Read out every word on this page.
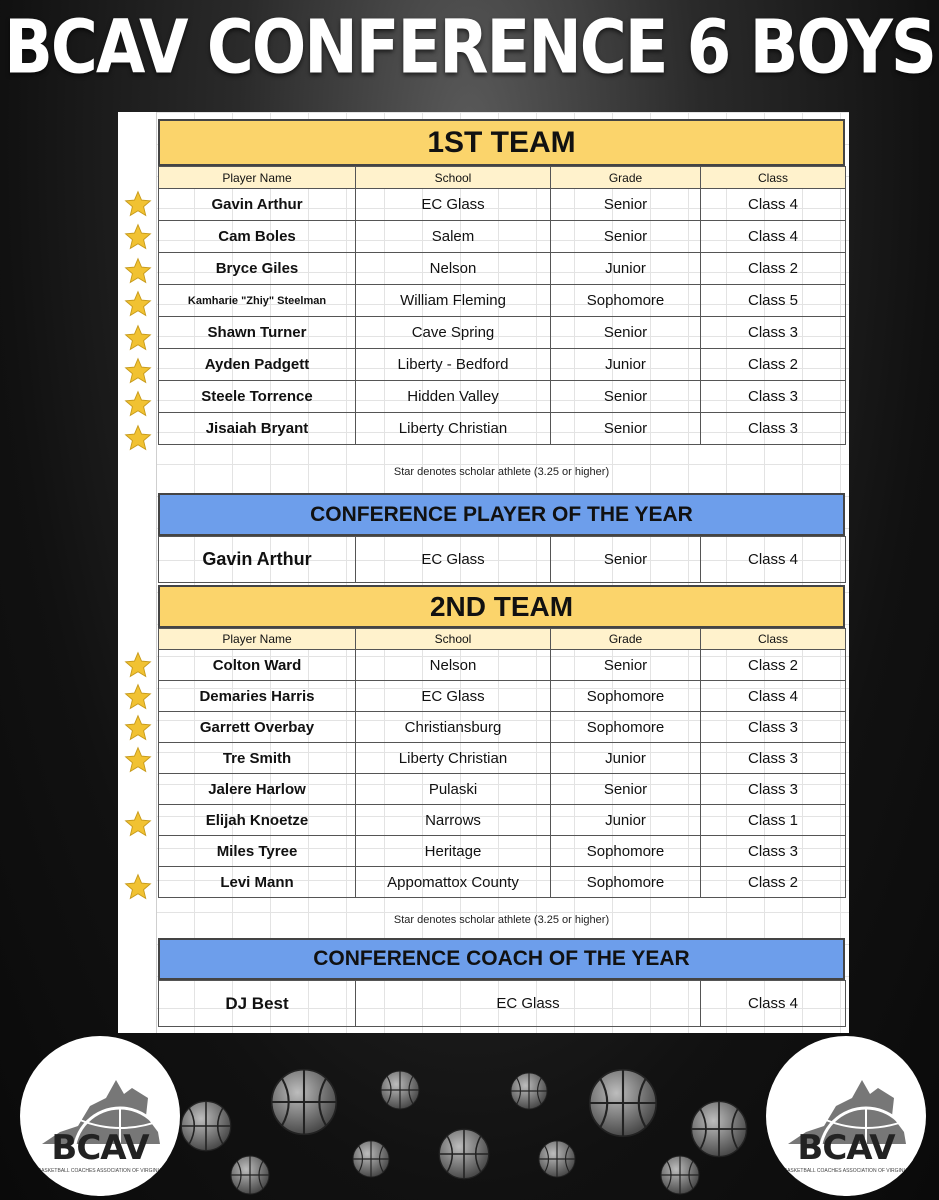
BCAV CONFERENCE 6 BOYS
1ST TEAM
Player Name	School	Grade	Class
Gavin Arthur	EC Glass	Senior	Class 4
Cam Boles	Salem	Senior	Class 4
Bryce Giles	Nelson	Junior	Class 2
Kamharie "Zhiy" Steelman	William Fleming	Sophomore	Class 5
Shawn Turner	Cave Spring	Senior	Class 3
Ayden Padgett	Liberty - Bedford	Junior	Class 2
Steele Torrence	Hidden Valley	Senior	Class 3
Jisaiah Bryant	Liberty Christian	Senior	Class 3
Star denotes scholar athlete (3.25 or higher)
CONFERENCE PLAYER OF THE YEAR
Gavin Arthur	EC Glass	Senior	Class 4
2ND TEAM
Player Name	School	Grade	Class
Colton Ward	Nelson	Senior	Class 2
Demaries Harris	EC Glass	Sophomore	Class 4
Garrett Overbay	Christiansburg	Sophomore	Class 3
Tre Smith	Liberty Christian	Junior	Class 3
Jalere Harlow	Pulaski	Senior	Class 3
Elijah Knoetze	Narrows	Junior	Class 1
Miles Tyree	Heritage	Sophomore	Class 3
Levi Mann	Appomattox County	Sophomore	Class 2
Star denotes scholar athlete (3.25 or higher)
CONFERENCE COACH OF THE YEAR
DJ Best	EC Glass	Class 4
BCAV
BASKETBALL COACHES ASSOCIATION OF VIRGINIA
BCAV
BASKETBALL COACHES ASSOCIATION OF VIRGINIA
